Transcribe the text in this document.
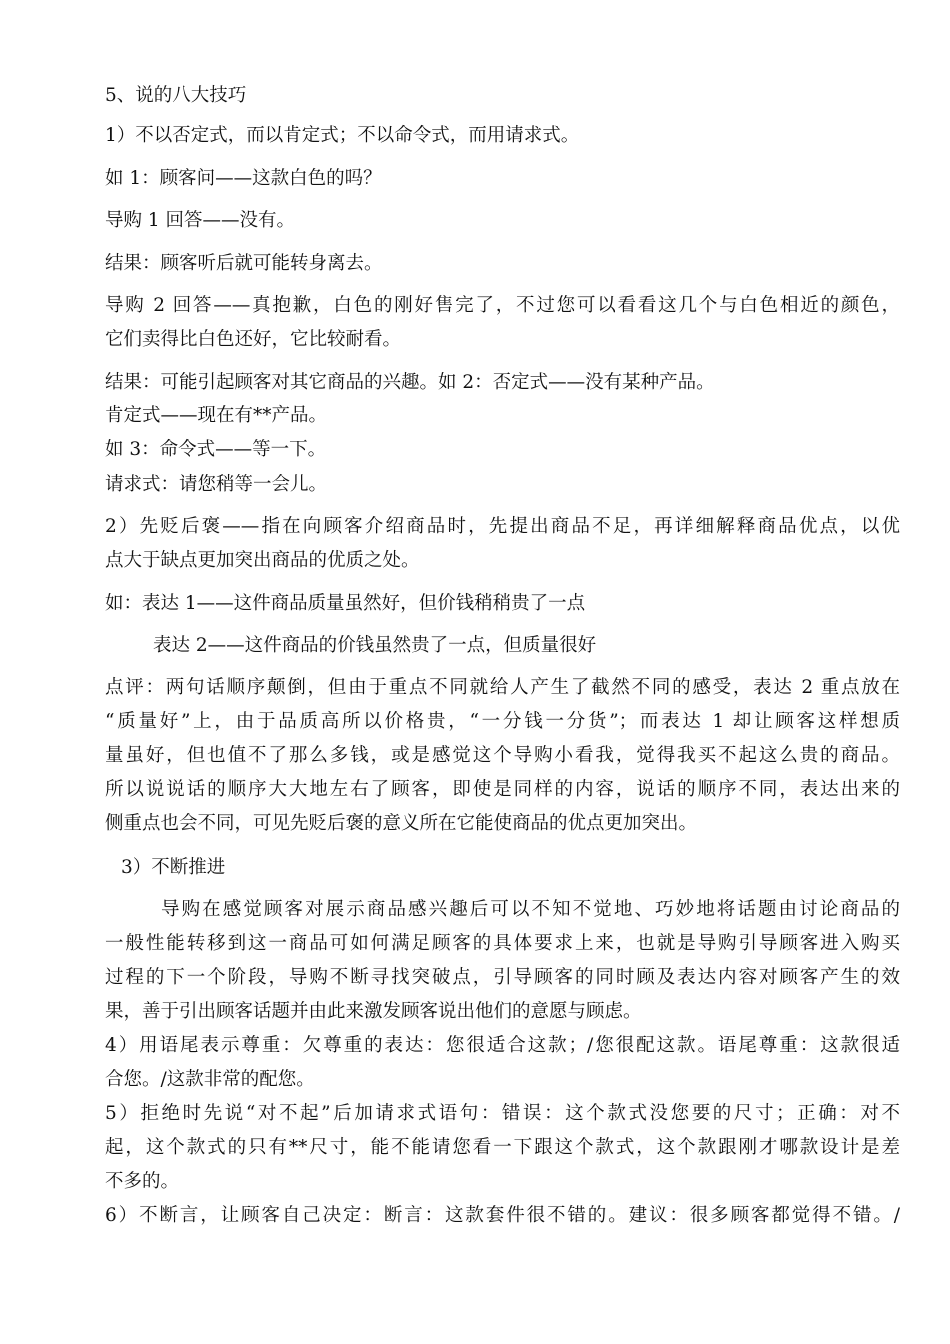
5、说的八大技巧
1）不以否定式，而以肯定式；不以命令式，而用请求式。
如 1：顾客问——这款白色的吗？
导购 1 回答——没有。
结果：顾客听后就可能转身离去。
导购 2 回答——真抱歉，白色的刚好售完了，不过您可以看看这几个与白色相近的颜色，
它们卖得比白色还好，它比较耐看。
结果：可能引起顾客对其它商品的兴趣。如 2：否定式——没有某种产品。
肯定式——现在有**产品。
如 3：命令式——等一下。
请求式：请您稍等一会儿。
2）先贬后褒——指在向顾客介绍商品时，先提出商品不足，再详细解释商品优点，以优
点大于缺点更加突出商品的优质之处。
如：表达 1——这件商品质量虽然好，但价钱稍稍贵了一点
表达 2——这件商品的价钱虽然贵了一点，但质量很好
点评：两句话顺序颠倒，但由于重点不同就给人产生了截然不同的感受，表达 2 重点放在
“质量好”上，由于品质高所以价格贵，“一分钱一分货”；而表达 1 却让顾客这样想质
量虽好，但也值不了那么多钱，或是感觉这个导购小看我，觉得我买不起这么贵的商品。
所以说说话的顺序大大地左右了顾客，即使是同样的内容，说话的顺序不同，表达出来的
侧重点也会不同，可见先贬后褒的意义所在它能使商品的优点更加突出。
3）不断推进
导购在感觉顾客对展示商品感兴趣后可以不知不觉地、巧妙地将话题由讨论商品的
一般性能转移到这一商品可如何满足顾客的具体要求上来，也就是导购引导顾客进入购买
过程的下一个阶段，导购不断寻找突破点，引导顾客的同时顾及表达内容对顾客产生的效
果，善于引出顾客话题并由此来激发顾客说出他们的意愿与顾虑。
4）用语尾表示尊重：欠尊重的表达：您很适合这款；/您很配这款。语尾尊重：这款很适
合您。/这款非常的配您。
5）拒绝时先说“对不起”后加请求式语句：错误：这个款式没您要的尺寸；正确：对不
起，这个款式的只有**尺寸，能不能请您看一下跟这个款式，这个款跟刚才哪款设计是差
不多的。
6）不断言，让顾客自己决定：断言：这款套件很不错的。建议：很多顾客都觉得不错。/
